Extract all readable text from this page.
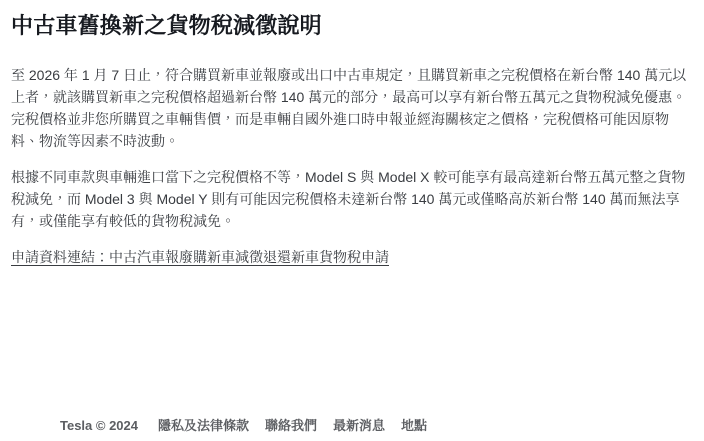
中古車舊換新之貨物稅減徵說明

至 2026 年 1 月 7 日止，符合購買新車並報廢或出口中古車規定，且購買新車之完稅價格在新台幣 140 萬元以上者，就該購買新車之完稅價格超過新台幣 140 萬元的部分，最高可以享有新台幣五萬元之貨物稅減免優惠。完稅價格並非您所購買之車輛售價，而是車輛自國外進口時申報並經海關核定之價格，完稅價格可能因原物料、物流等因素不時波動。

根據不同車款與車輛進口當下之完稅價格不等，Model S 與 Model X 較可能享有最高達新台幣五萬元整之貨物稅減免，而 Model 3 與 Model Y 則有可能因完稅價格未達新台幣 140 萬元或僅略高於新台幣 140 萬而無法享有，或僅能享有較低的貨物稅減免。

申請資料連結：中古汽車報廢購新車減徵退還新車貨物稅申請

Tesla © 2024 隱私及法律條款 聯絡我們 最新消息 地點
